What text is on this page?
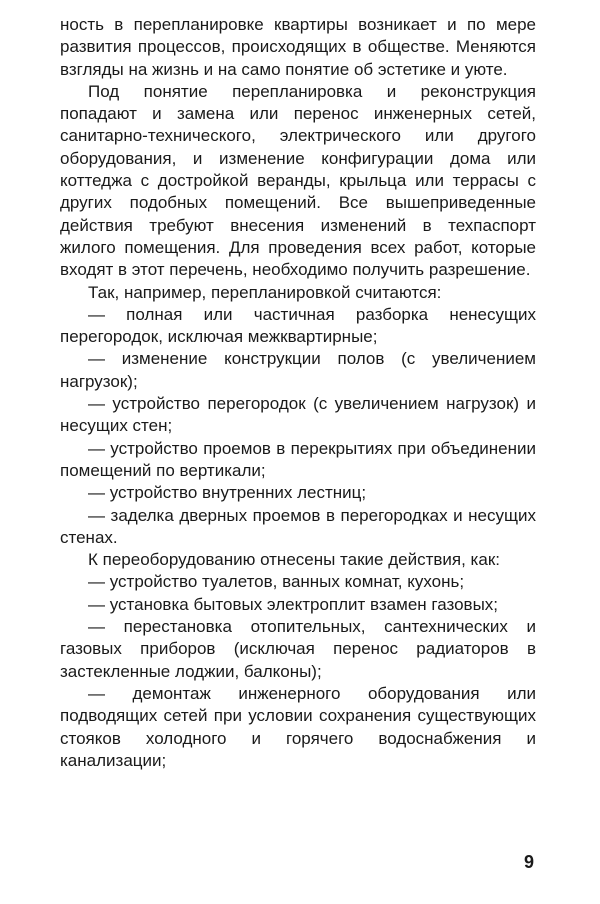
ность в перепланировке квартиры возникает и по мере развития процессов, происходящих в обществе. Меняются взгляды на жизнь и на само понятие об эстетике и уюте.

Под понятие перепланировка и реконструкция попадают и замена или перенос инженерных сетей, санитарно-технического, электрического или другого оборудования, и изменение конфигурации дома или коттеджа с достройкой веранды, крыльца или террасы с других подобных помещений. Все вышеприведенные действия требуют внесения изменений в техпаспорт жилого помещения. Для проведения всех работ, которые входят в этот перечень, необходимо получить разрешение.

Так, например, перепланировкой считаются:

— полная или частичная разборка ненесущих перегородок, исключая межквартирные;

— изменение конструкции полов (с увеличением нагрузок);

— устройство перегородок (с увеличением нагрузок) и несущих стен;

— устройство проемов в перекрытиях при объединении помещений по вертикали;

— устройство внутренних лестниц;

— заделка дверных проемов в перегородках и несущих стенах.

К переоборудованию отнесены такие действия, как:

— устройство туалетов, ванных комнат, кухонь;

— установка бытовых электроплит взамен газовых;

— перестановка отопительных, сантехнических и газовых приборов (исключая перенос радиаторов в застекленные лоджии, балконы);

— демонтаж инженерного оборудования или подводящих сетей при условии сохранения существующих стояков холодного и горячего водоснабжения и канализации;

9
